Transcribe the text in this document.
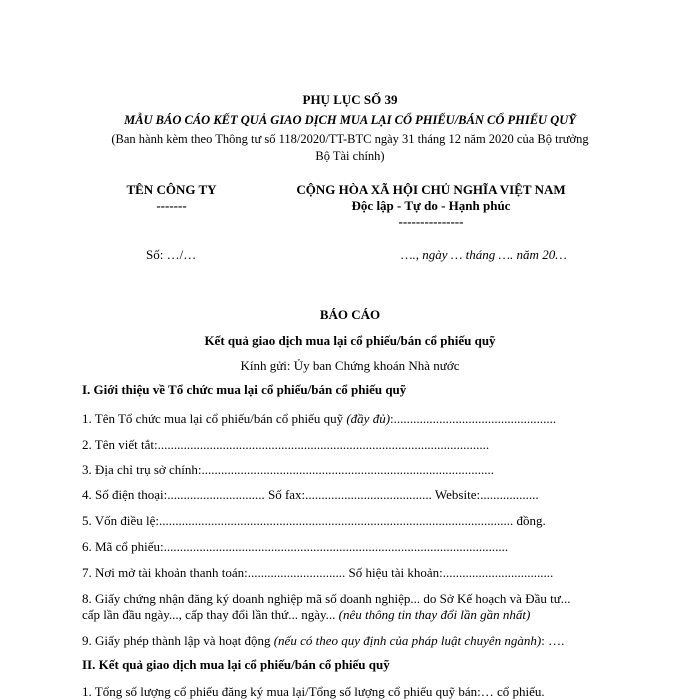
PHỤ LỤC SỐ 39
MẪU BÁO CÁO KẾT QUẢ GIAO DỊCH MUA LẠI CỔ PHIẾU/BÁN CỔ PHIẾU QUỸ
(Ban hành kèm theo Thông tư số 118/2020/TT-BTC ngày 31 tháng 12 năm 2020 của Bộ trưởng
Bộ Tài chính)
TÊN CÔNG TY
-------
CỘNG HÒA XÃ HỘI CHỦ NGHĨA VIỆT NAM
Độc lập - Tự do - Hạnh phúc
---------------
Số: …/…	…., ngày … tháng …. năm 20…
BÁO CÁO
Kết quả giao dịch mua lại cổ phiếu/bán cổ phiếu quỹ
Kính gửi: Ủy ban Chứng khoán Nhà nước
I. Giới thiệu về Tổ chức mua lại cổ phiếu/bán cổ phiếu quỹ
1. Tên Tổ chức mua lại cổ phiếu/bán cổ phiếu quỹ (đầy đủ):..................................................
2. Tên viết tắt:......................................................................................................
3. Địa chỉ trụ sở chính:..........................................................................................
4. Số điện thoại:.............................. Số fax:....................................... Website:..................
5. Vốn điều lệ:............................................................................................................. đồng.
6. Mã cổ phiếu:..........................................................................................................
7. Nơi mở tài khoản thanh toán:.............................. Số hiệu tài khoản:..................................
8. Giấy chứng nhận đăng ký doanh nghiệp mã số doanh nghiệp... do Sở Kế hoạch và Đầu tư...
cấp lần đầu ngày..., cấp thay đổi lần thứ... ngày... (nêu thông tin thay đổi lần gần nhất)
9. Giấy phép thành lập và hoạt động (nếu có theo quy định của pháp luật chuyên ngành): ….
II. Kết quả giao dịch mua lại cổ phiếu/bán cổ phiếu quỹ
1. Tổng số lượng cổ phiếu đăng ký mua lại/Tổng số lượng cổ phiếu quỹ bán:… cổ phiếu.
